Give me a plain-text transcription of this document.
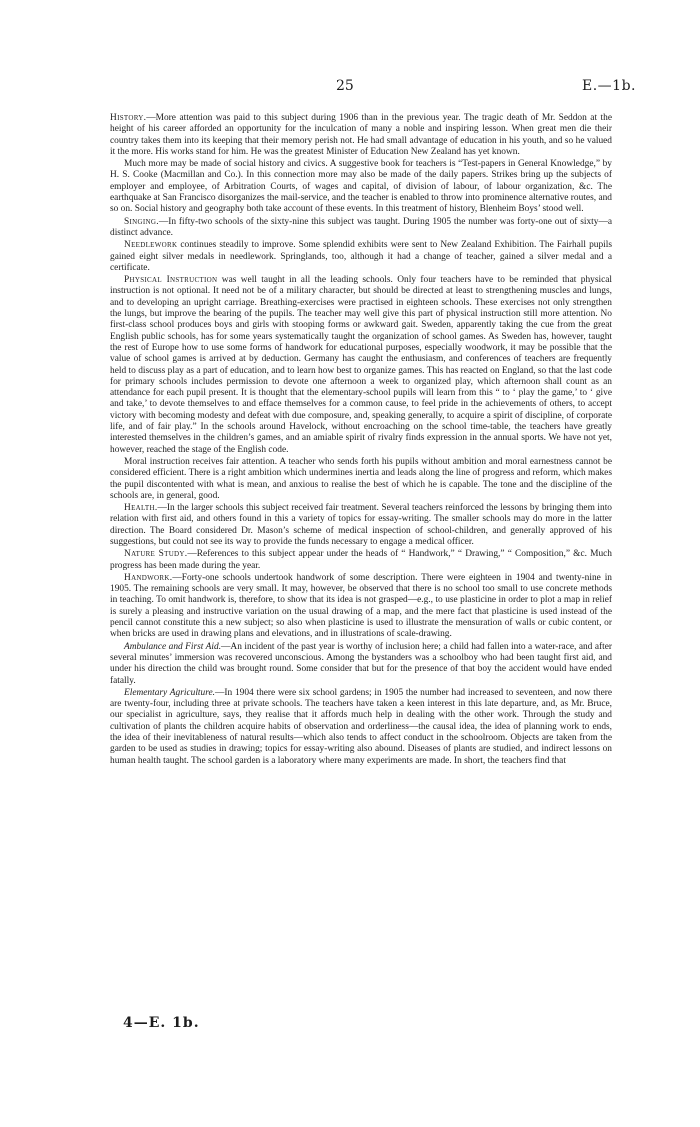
25	E.—1b.

History.—More attention was paid to this subject during 1906 than in the previous year. The tragic death of Mr. Seddon at the height of his career afforded an opportunity for the inculcation of many a noble and inspiring lesson. When great men die their country takes them into its keeping that their memory perish not. He had small advantage of education in his youth, and so he valued it the more. His works stand for him. He was the greatest Minister of Education New Zealand has yet known.

Much more may be made of social history and civics. A suggestive book for teachers is “Test-papers in General Knowledge,” by H. S. Cooke (Macmillan and Co.). In this connection more may also be made of the daily papers. Strikes bring up the subjects of employer and employee, of Arbitration Courts, of wages and capital, of division of labour, of labour organization, &c. The earthquake at San Francisco disorganizes the mail-service, and the teacher is enabled to throw into prominence alternative routes, and so on. Social history and geography both take account of these events. In this treatment of history, Blenheim Boys’ stood well.

Singing.—In fifty-two schools of the sixty-nine this subject was taught. During 1905 the number was forty-one out of sixty—a distinct advance.

Needlework continues steadily to improve. Some splendid exhibits were sent to New Zealand Exhibition. The Fairhall pupils gained eight silver medals in needlework. Springlands, too, although it had a change of teacher, gained a silver medal and a certificate.

Physical Instruction was well taught in all the leading schools. Only four teachers have to be reminded that physical instruction is not optional. It need not be of a military character, but should be directed at least to strengthening muscles and lungs, and to developing an upright carriage. Breathing-exercises were practised in eighteen schools. These exercises not only strengthen the lungs, but improve the bearing of the pupils. The teacher may well give this part of physical instruction still more attention. No first-class school produces boys and girls with stooping forms or awkward gait. Sweden, apparently taking the cue from the great English public schools, has for some years systematically taught the organization of school games. As Sweden has, however, taught the rest of Europe how to use some forms of handwork for educational purposes, especially woodwork, it may be possible that the value of school games is arrived at by deduction. Germany has caught the enthusiasm, and conferences of teachers are frequently held to discuss play as a part of education, and to learn how best to organize games. This has reacted on England, so that the last code for primary schools includes permission to devote one afternoon a week to organized play, which afternoon shall count as an attendance for each pupil present. It is thought that the elementary-school pupils will learn from this “ to ‘ play the game,’ to ‘ give and take,’ to devote themselves to and efface themselves for a common cause, to feel pride in the achievements of others, to accept victory with becoming modesty and defeat with due composure, and, speaking generally, to acquire a spirit of discipline, of corporate life, and of fair play.” In the schools around Havelock, without encroaching on the school time-table, the teachers have greatly interested themselves in the children’s games, and an amiable spirit of rivalry finds expression in the annual sports. We have not yet, however, reached the stage of the English code.

Moral instruction receives fair attention. A teacher who sends forth his pupils without ambition and moral earnestness cannot be considered efficient. There is a right ambition which undermines inertia and leads along the line of progress and reform, which makes the pupil discontented with what is mean, and anxious to realise the best of which he is capable. The tone and the discipline of the schools are, in general, good.

Health.—In the larger schools this subject received fair treatment. Several teachers reinforced the lessons by bringing them into relation with first aid, and others found in this a variety of topics for essay-writing. The smaller schools may do more in the latter direction. The Board considered Dr. Mason’s scheme of medical inspection of school-children, and generally approved of his suggestions, but could not see its way to provide the funds necessary to engage a medical officer.

Nature Study.—References to this subject appear under the heads of “ Handwork,” “ Drawing,” “ Composition,” &c. Much progress has been made during the year.

Handwork.—Forty-one schools undertook handwork of some description. There were eighteen in 1904 and twenty-nine in 1905. The remaining schools are very small. It may, however, be observed that there is no school too small to use concrete methods in teaching. To omit handwork is, therefore, to show that its idea is not grasped—e.g., to use plasticine in order to plot a map in relief is surely a pleasing and instructive variation on the usual drawing of a map, and the mere fact that plasticine is used instead of the pencil cannot constitute this a new subject; so also when plasticine is used to illustrate the mensuration of walls or cubic content, or when bricks are used in drawing plans and elevations, and in illustrations of scale-drawing.

Ambulance and First Aid.—An incident of the past year is worthy of inclusion here; a child had fallen into a water-race, and after several minutes’ immersion was recovered unconscious. Among the bystanders was a schoolboy who had been taught first aid, and under his direction the child was brought round. Some consider that but for the presence of that boy the accident would have ended fatally.

Elementary Agriculture.—In 1904 there were six school gardens; in 1905 the number had increased to seventeen, and now there are twenty-four, including three at private schools. The teachers have taken a keen interest in this late departure, and, as Mr. Bruce, our specialist in agriculture, says, they realise that it affords much help in dealing with the other work. Through the study and cultivation of plants the children acquire habits of observation and orderliness—the causal idea, the idea of planning work to ends, the idea of their inevitableness of natural results—which also tends to affect conduct in the schoolroom. Objects are taken from the garden to be used as studies in drawing; topics for essay-writing also abound. Diseases of plants are studied, and indirect lessons on human health taught. The school garden is a laboratory where many experiments are made. In short, the teachers find that

4—E. 1b.
